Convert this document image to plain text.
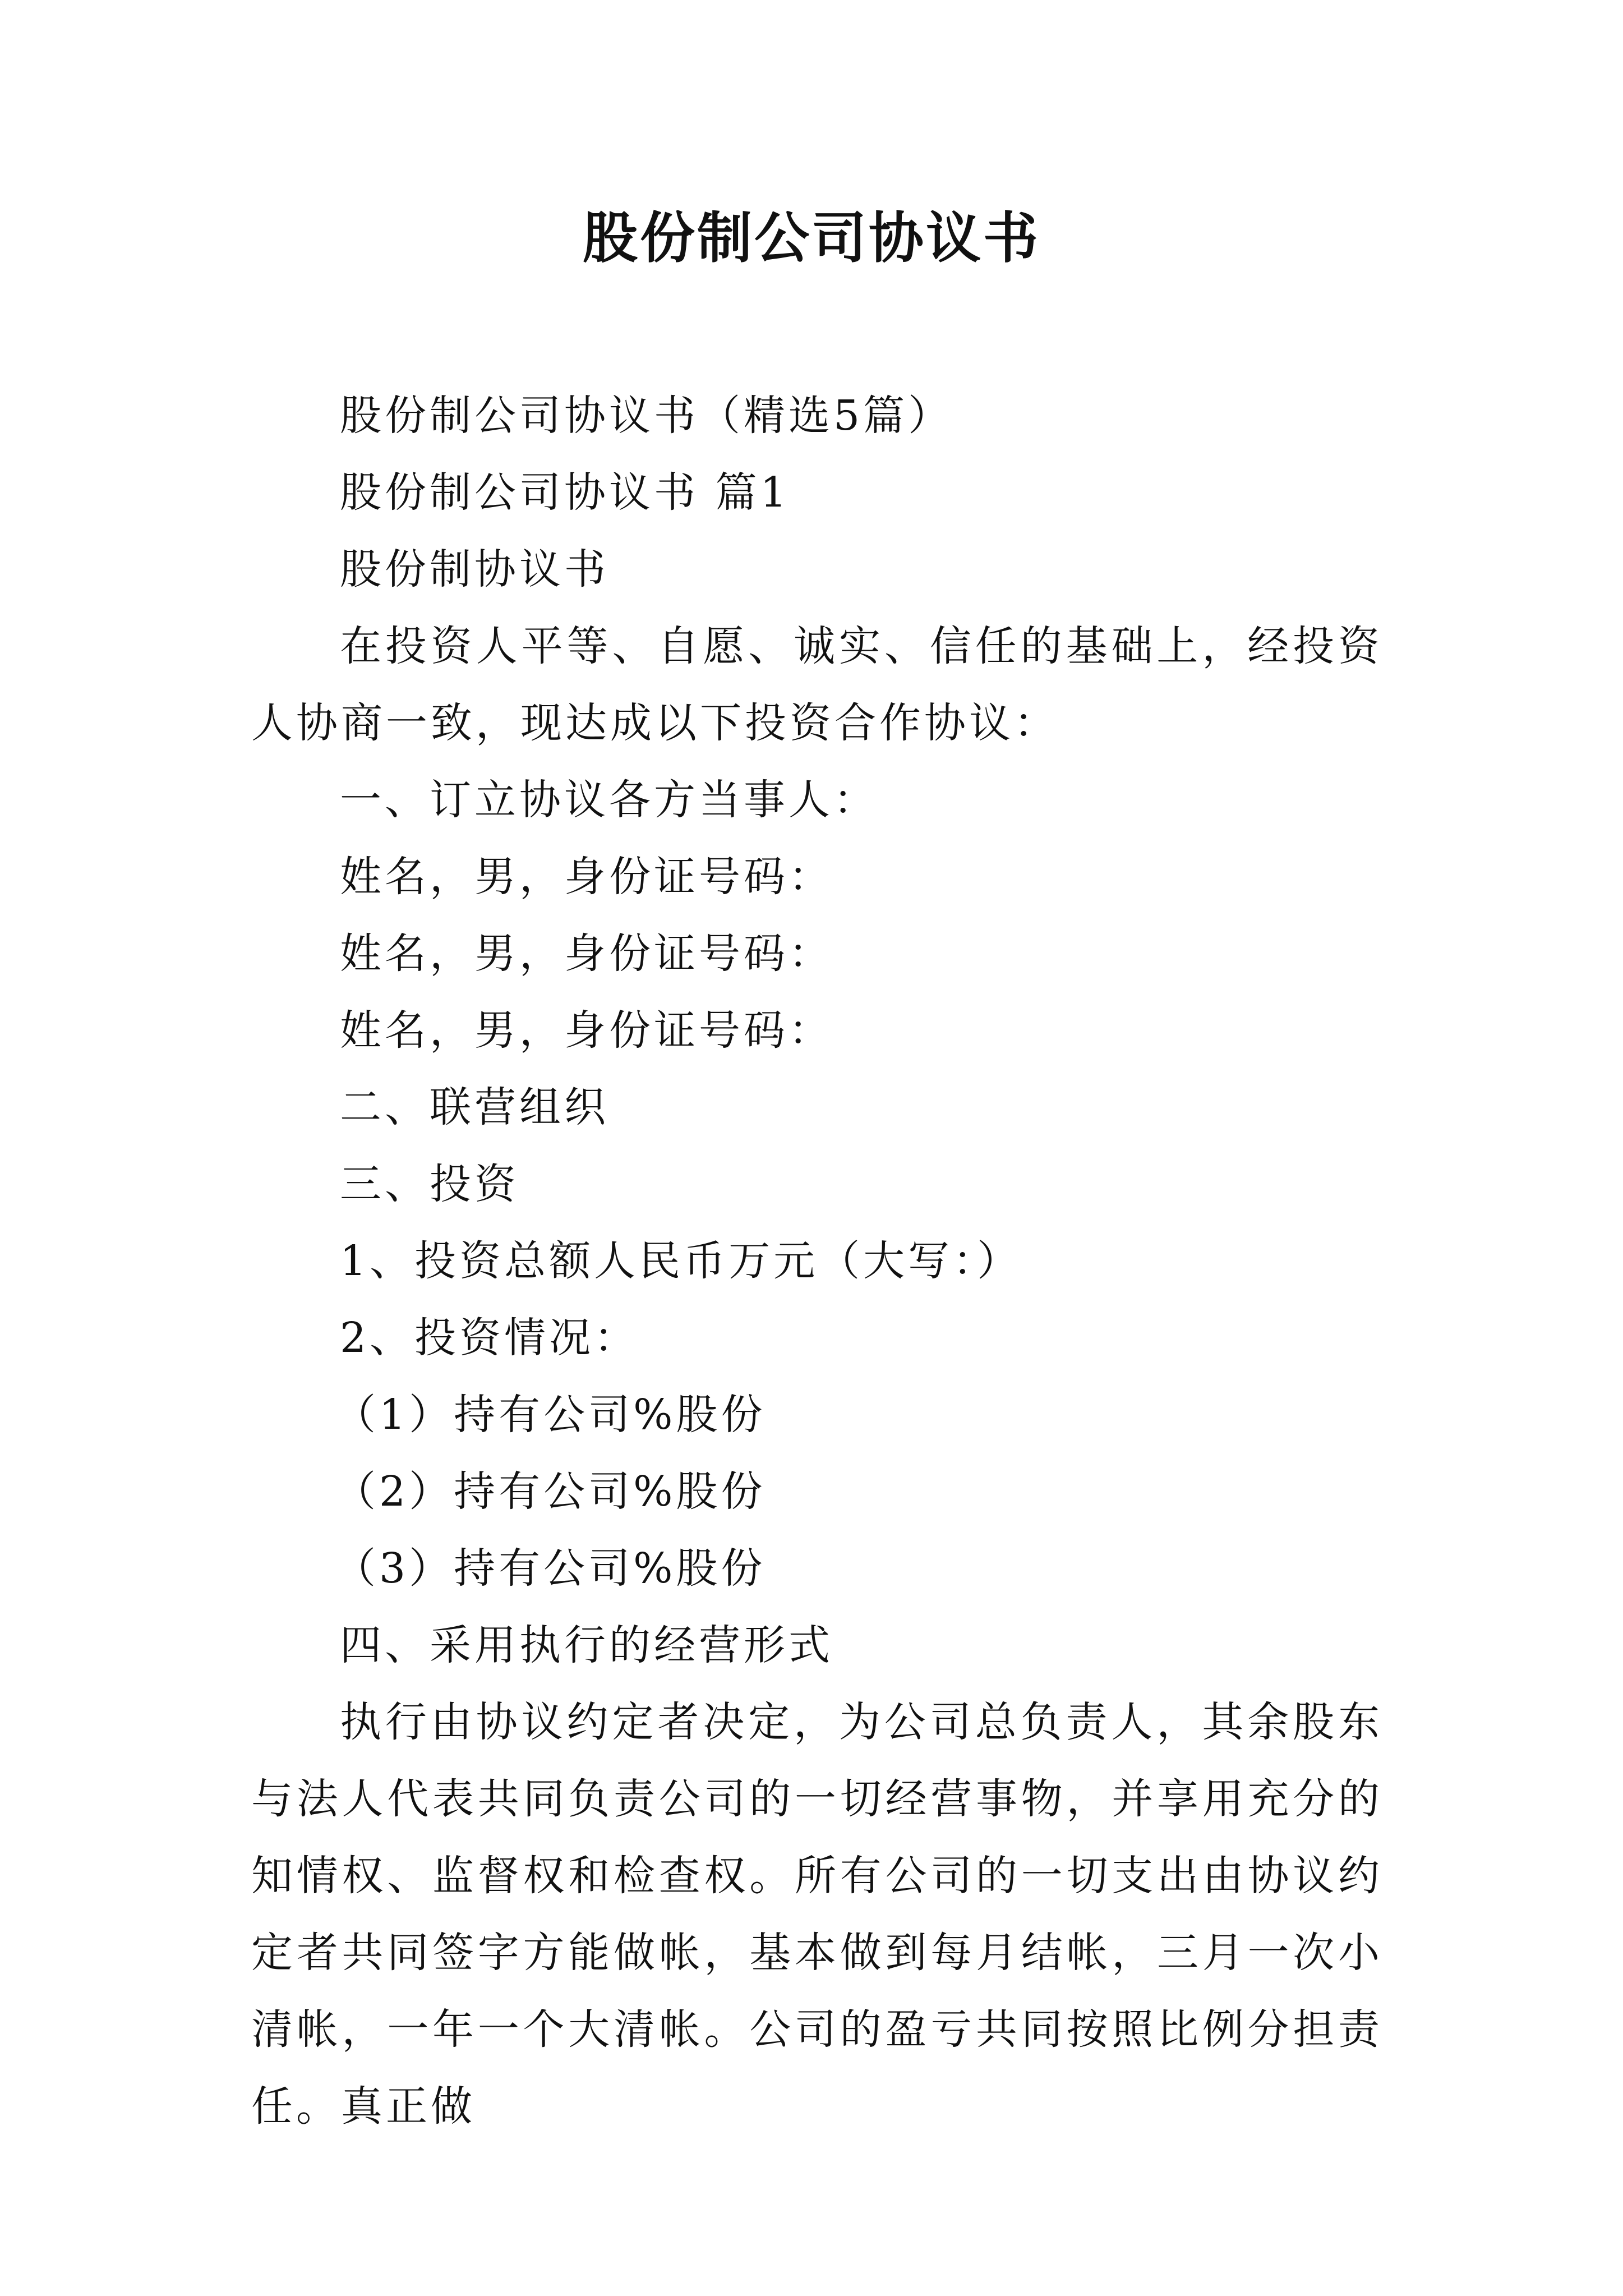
股份制公司协议书
股份制公司协议书（精选5篇）
股份制公司协议书 篇1
股份制协议书
在投资人平等、自愿、诚实、信任的基础上，经投资人协商一致，现达成以下投资合作协议：
一、订立协议各方当事人：
姓名，男，身份证号码：
姓名，男，身份证号码：
姓名，男，身份证号码：
二、联营组织
三、投资
1、投资总额人民币万元（大写：）
2、投资情况：
（1）持有公司%股份
（2）持有公司%股份
（3）持有公司%股份
四、采用执行的经营形式
执行由协议约定者决定，为公司总负责人，其余股东与法人代表共同负责公司的一切经营事物，并享用充分的知情权、监督权和检查权。所有公司的一切支出由协议约定者共同签字方能做帐，基本做到每月结帐，三月一次小清帐，一年一个大清帐。公司的盈亏共同按照比例分担责任。真正做
